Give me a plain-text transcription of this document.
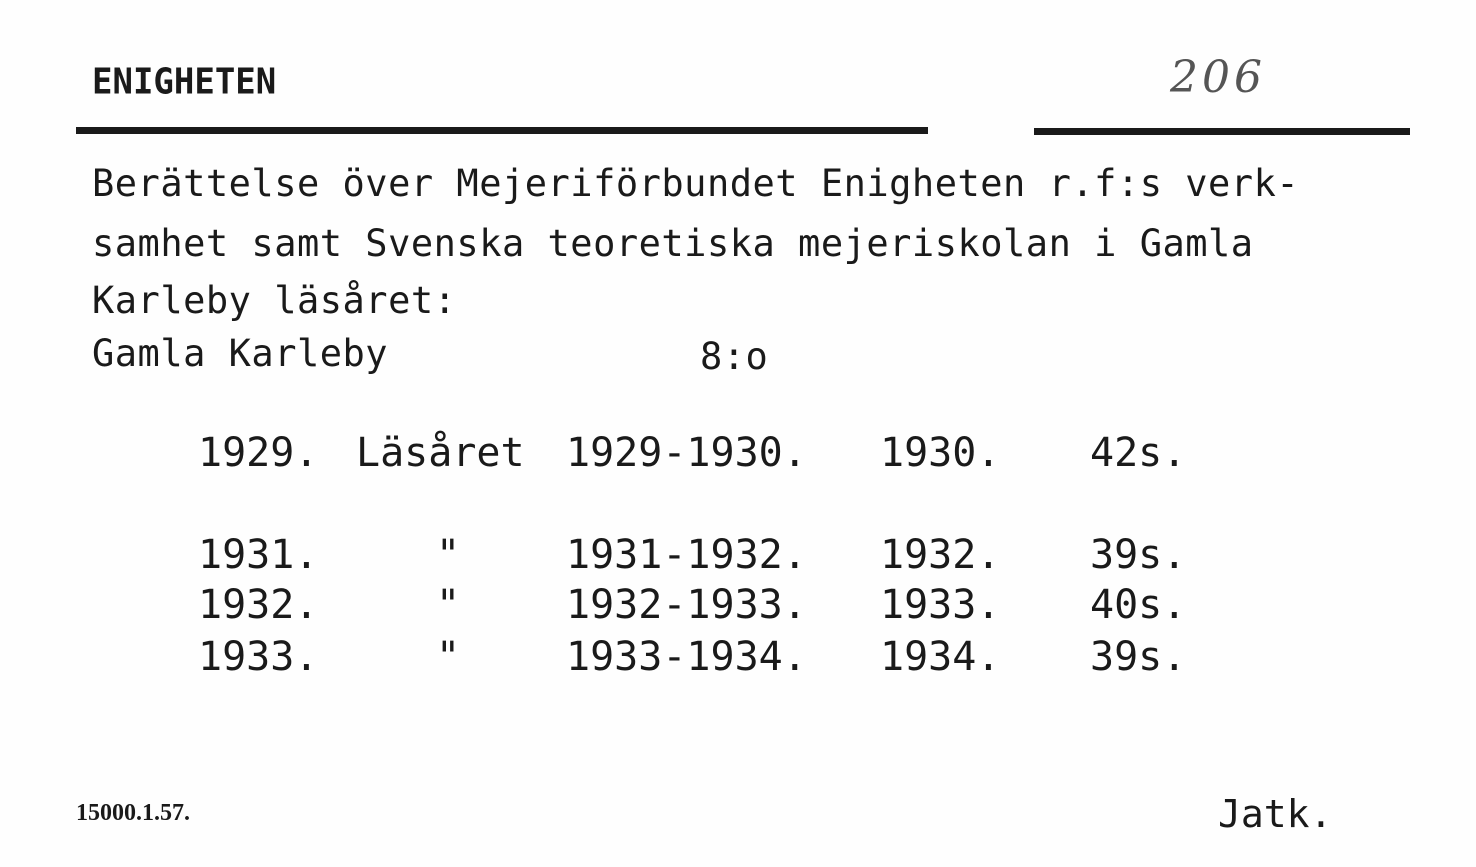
ENIGHETEN	206
Berättelse över Mejeriförbundet Enigheten r.f:s verk-
samhet samt Svenska teoretiska mejeriskolan i Gamla
Karleby läsåret:
Gamla Karleby	8:o
1929. Läsåret 1929-1930. 1930. 42s.
1931.	"	1931-1932. 1932. 39s.
1932.	"	1932-1933. 1933. 40s.
1933.	"	1933-1934. 1934. 39s.
15000.1.57.	Jatk.
